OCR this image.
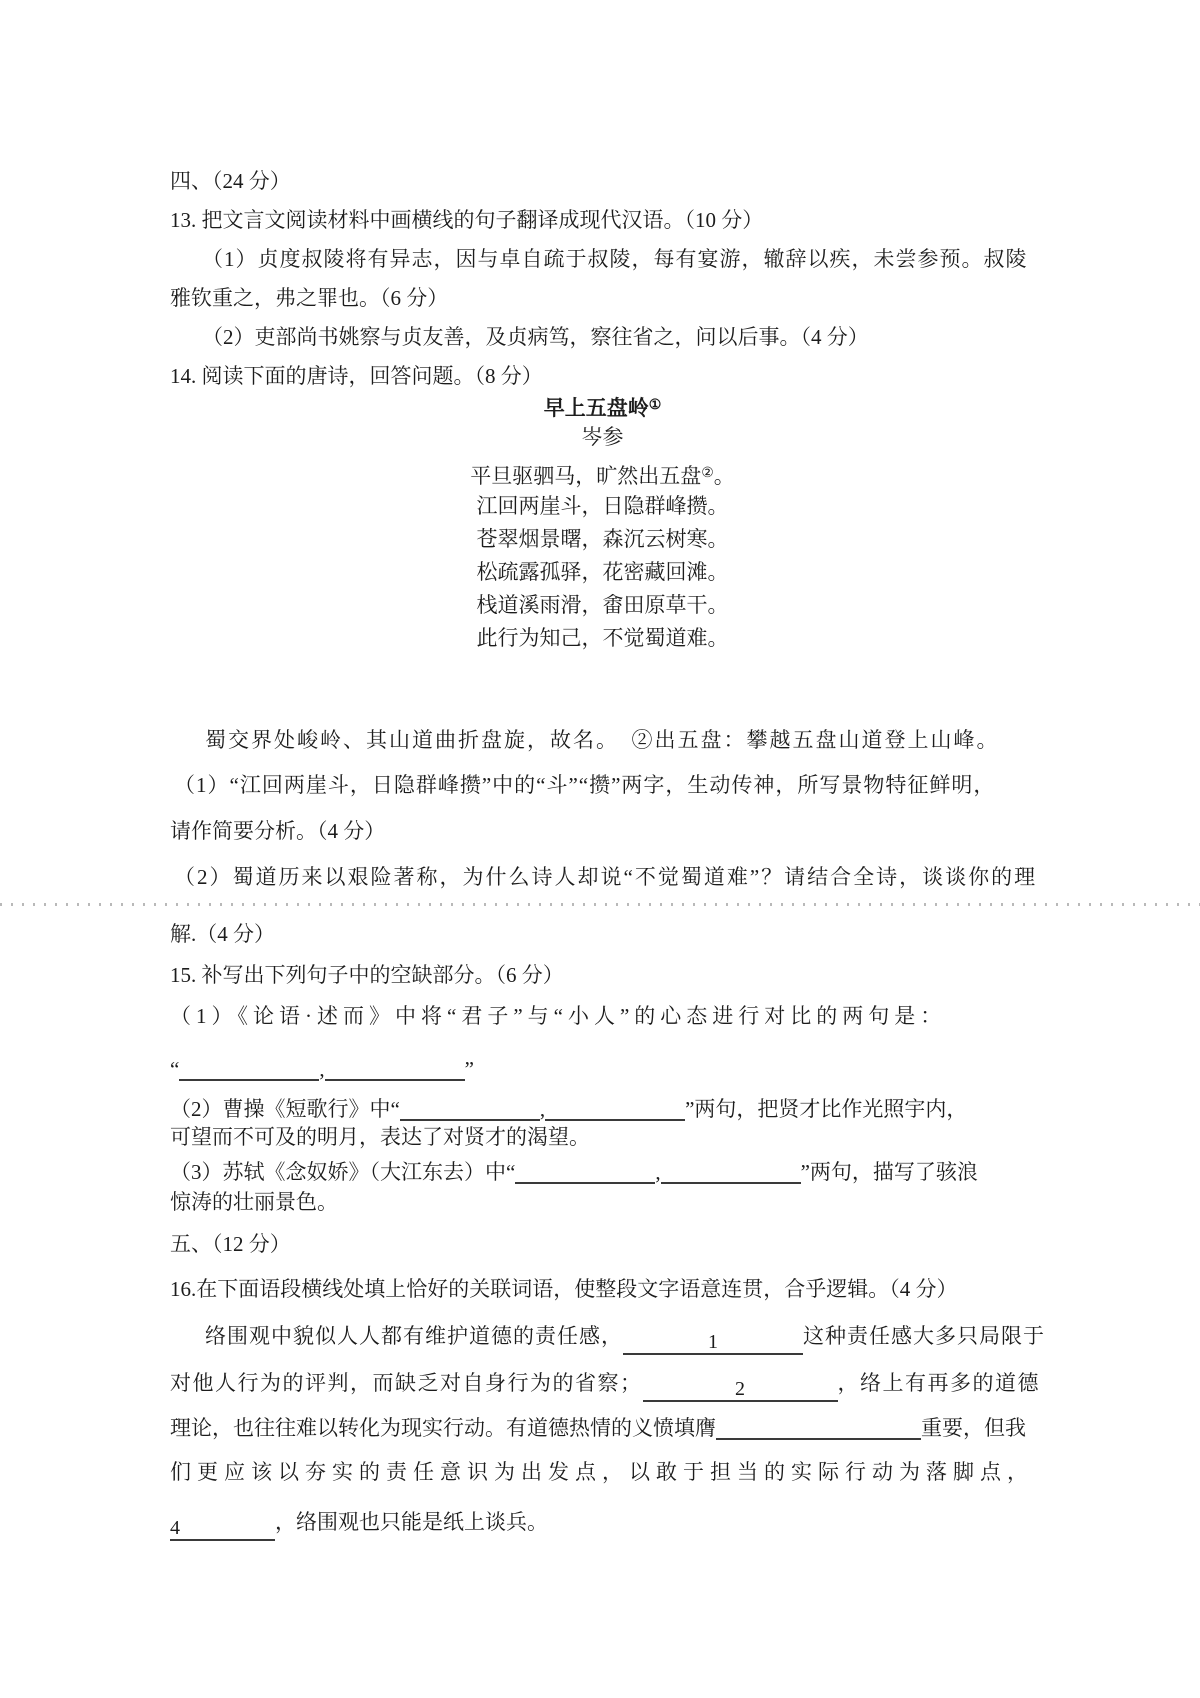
四、（24 分）
13. 把文言文阅读材料中画横线的句子翻译成现代汉语。（10 分）
（1）贞度叔陵将有异志，因与卓自疏于叔陵，每有宴游，辙辞以疾，未尝参预。叔陵
雅钦重之，弗之罪也。（6 分）
（2）吏部尚书姚察与贞友善，及贞病笃，察往省之，问以后事。（4 分）
14. 阅读下面的唐诗，回答问题。（8 分）
早上五盘岭①
岑参
平旦驱驷马，旷然出五盘②。
江回两崖斗，日隐群峰攒。
苍翠烟景曙，森沉云树寒。
松疏露孤驿，花密藏回滩。
栈道溪雨滑，畬田原草干。
此行为知己，不觉蜀道难。
蜀交界处峻岭、其山道曲折盘旋，故名。　②出五盘：攀越五盘山道登上山峰。
（1）“江回两崖斗，日隐群峰攒”中的“斗”“攒”两字，生动传神，所写景物特征鲜明，
请作简要分析。（4 分）
（2）蜀道历来以艰险著称，为什么诗人却说“不觉蜀道难”？请结合全诗，谈谈你的理
解.（4 分）
15. 补写出下列句子中的空缺部分。（6 分）
（1）《论语·述而》中将“君子”与“小人”的心态进行对比的两句是：
“	,	”
（2）曹操《短歌行》中“	,	”两句，把贤才比作光照宇内，
可望而不可及的明月，表达了对贤才的渴望。
（3）苏轼《念奴娇》（大江东去）中“	,	”两句，描写了骇浪
惊涛的壮丽景色。
五、（12 分）
16.在下面语段横线处填上恰好的关联词语，使整段文字语意连贯，合乎逻辑。（4 分）
络围观中貌似人人都有维护道德的责任感，	1	这种责任感大多只局限于
对他人行为的评判，而缺乏对自身行为的省察；	2	，络上有再多的道德
理论，也往往难以转化为现实行动。有道德热情的义愤填膺	重要，但我
们更应该以夯实的责任意识为出发点，以敢于担当的实际行动为落脚点，
4	，络围观也只能是纸上谈兵。
